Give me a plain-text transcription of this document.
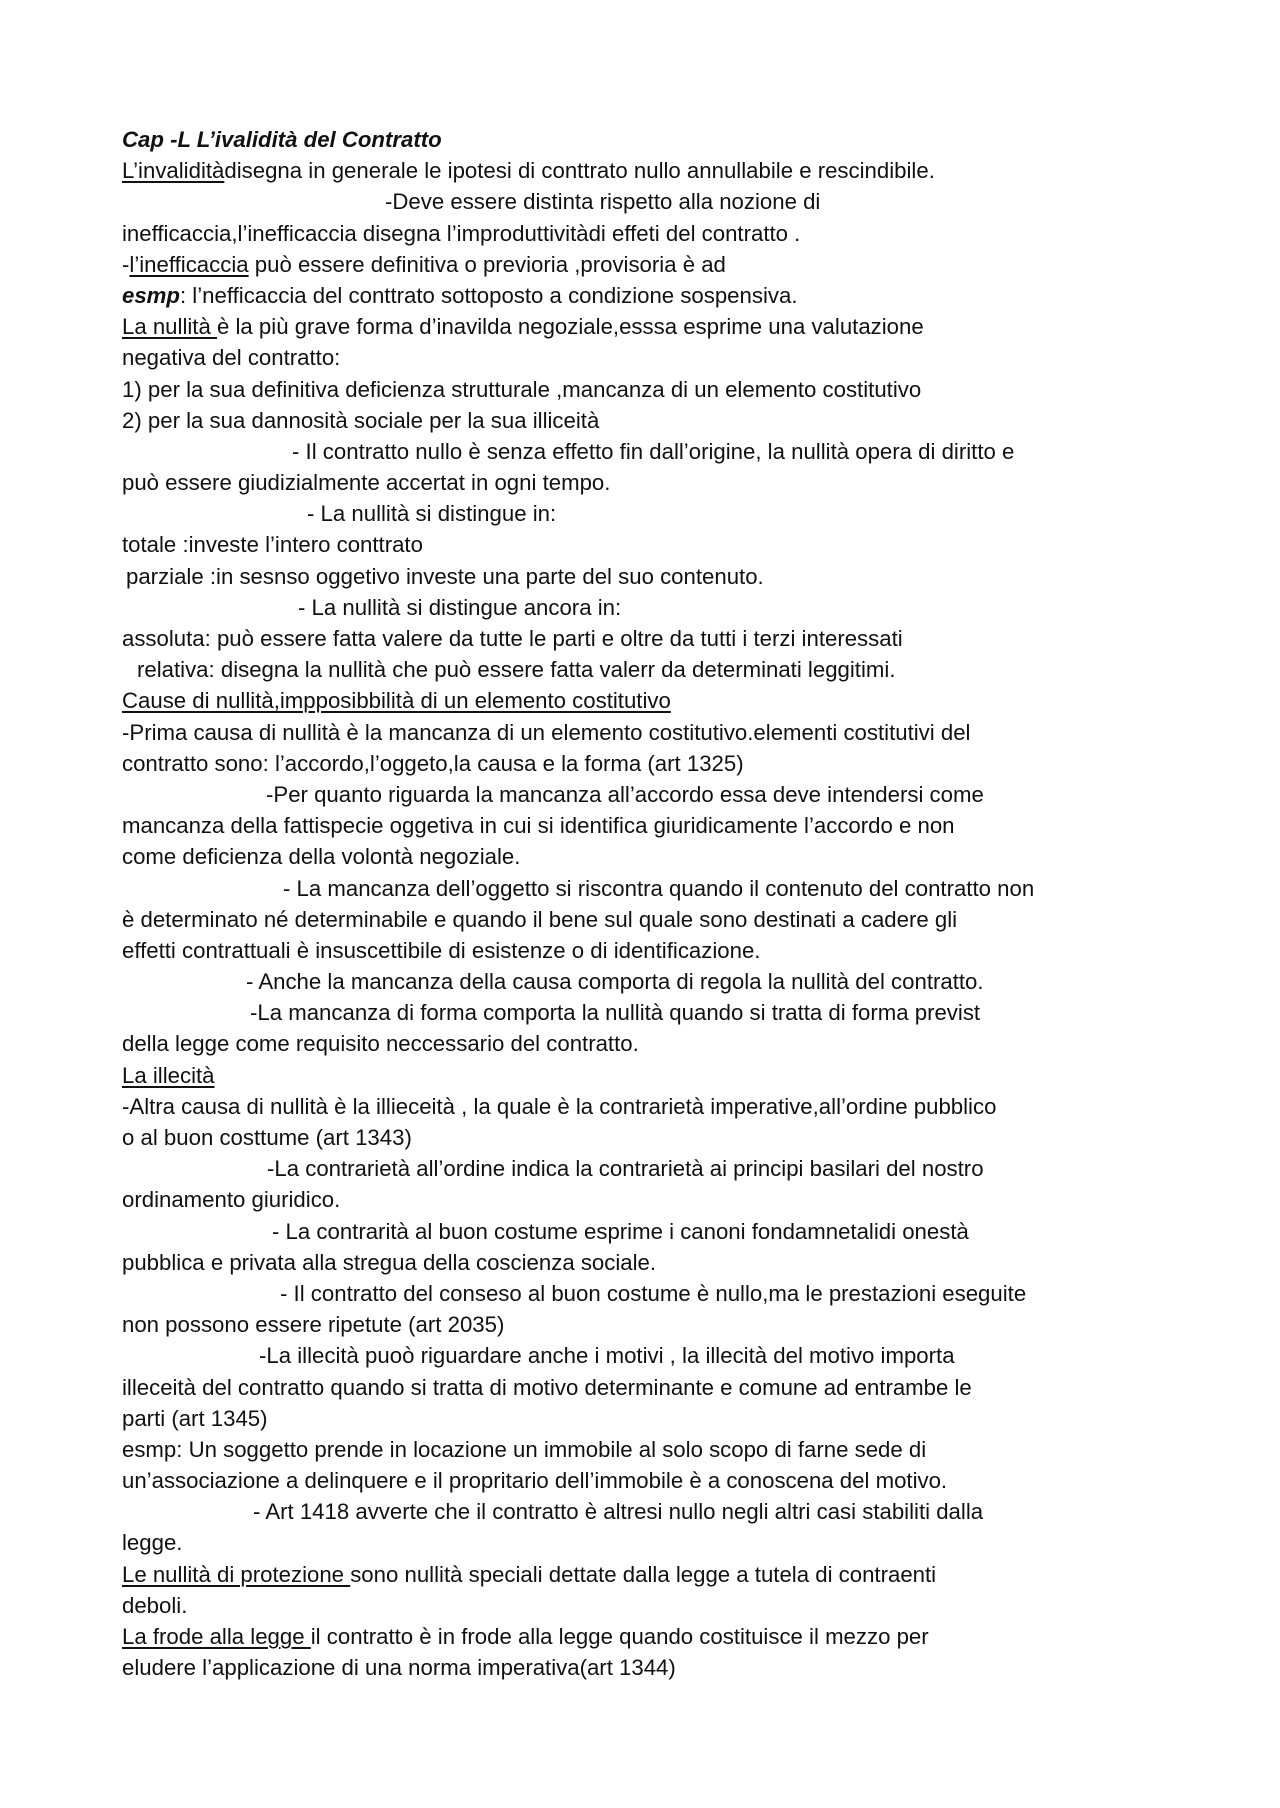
Cap -L L’ivalidità del Contratto
L’invaliditàdisegna in generale le ipotesi di conttrato nullo annullabile e rescindibile.
-Deve essere distinta rispetto alla nozione di
inefficaccia,l’inefficaccia disegna l’improduttivitàdi effeti del contratto .
-l’inefficaccia può essere definitiva o previoria ,provisoria è ad
esmp: l’nefficaccia del conttrato sottoposto a condizione sospensiva.
La nullità è la più grave forma d’inavilda negoziale,esssa esprime una valutazione
negativa del contratto:
1) per la sua definitiva deficienza strutturale ,mancanza di un elemento costitutivo
2) per la sua dannosità sociale per la sua illiceità
- Il contratto nullo è senza effetto fin dall’origine, la nullità opera di diritto e
può essere giudizialmente accertat in ogni tempo.
- La nullità si distingue in:
totale :investe l’intero conttrato
parziale :in sesnso oggetivo investe una parte del suo contenuto.
- La nullità si distingue ancora in:
assoluta: può essere fatta valere da tutte le parti e oltre da tutti i terzi interessati
relativa: disegna la nullità che può essere fatta valerr da determinati leggitimi.
Cause di nullità,impposibbilità di un elemento costitutivo
-Prima causa di nullità è la mancanza di un elemento costitutivo.elementi costitutivi del
contratto sono: l’accordo,l’oggeto,la causa e la forma (art 1325)
-Per quanto riguarda la mancanza all’accordo essa deve intendersi come
mancanza della fattispecie oggetiva in cui si identifica giuridicamente l’accordo e non
come deficienza della volontà negoziale.
- La mancanza dell’oggetto si riscontra quando il contenuto del contratto non
è determinato né determinabile e quando il bene sul quale sono destinati a cadere gli
effetti contrattuali è insuscettibile di esistenze o di identificazione.
- Anche la mancanza della causa comporta di regola la nullità del contratto.
-La mancanza di forma comporta la nullità quando si tratta di forma previst
della legge come requisito neccessario del contratto.
La illecità
-Altra causa di nullità è la illieceità , la quale è la contrarietà imperative,all’ordine pubblico
o al buon costtume (art 1343)
-La contrarietà all’ordine indica la contrarietà ai principi basilari del nostro
ordinamento giuridico.
- La contrarità al buon costume esprime i canoni fondamnetalidi onestà
pubblica e privata alla stregua della coscienza sociale.
- Il contratto del conseso al buon costume è nullo,ma le prestazioni eseguite
non possono essere ripetute (art 2035)
-La illecità puoò riguardare anche i motivi , la illecità del motivo importa
illeceità del contratto quando si tratta di motivo determinante e comune ad entrambe le
parti (art 1345)
esmp: Un soggetto prende in locazione un immobile al solo scopo di farne sede di
un’associazione a delinquere e il propritario dell’immobile è a conoscena del motivo.
- Art 1418 avverte che il contratto è altresi nullo negli altri casi stabiliti dalla
legge.
Le nullità di protezione sono nullità speciali dettate dalla legge a tutela di contraenti
deboli.
La frode alla legge il contratto è in frode alla legge quando costituisce il mezzo per
eludere l’applicazione di una norma imperativa(art 1344)
